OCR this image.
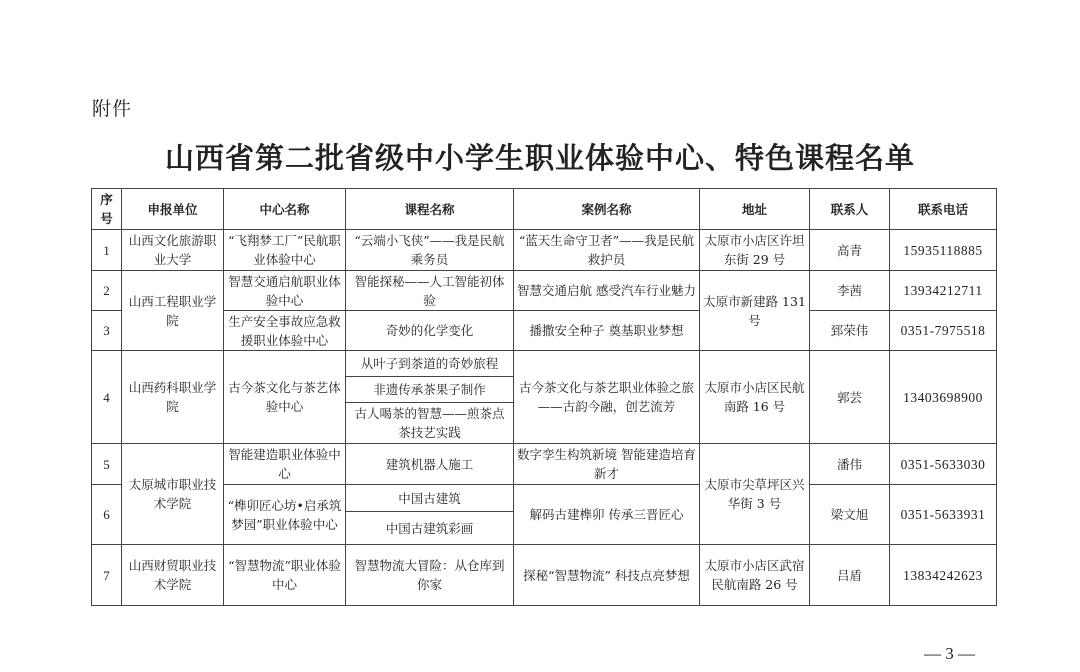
附件
山西省第二批省级中小学生职业体验中心、特色课程名单
序号	申报单位	中心名称	课程名称	案例名称	地址	联系人	联系电话
1	山西文化旅游职业大学	“飞翔梦工厂”民航职业体验中心	“云端小飞侠”——我是民航乘务员	“蓝天生命守卫者”——我是民航救护员	太原市小店区许坦东街 29 号	高青	15935118885
2	山西工程职业学院	智慧交通启航职业体验中心	智能探秘——人工智能初体验	智慧交通启航 感受汽车行业魅力	太原市新建路 131 号	李茜	13934212711
3		生产安全事故应急救援职业体验中心	奇妙的化学变化	播撒安全种子 奠基职业梦想		郅荣伟	0351-7975518
4	山西药科职业学院	古今茶文化与茶艺体验中心	从叶子到茶道的奇妙旅程	古今茶文化与茶艺职业体验之旅——古韵今融，创艺流芳	太原市小店区民航南路 16 号	郭芸	13403698900
			非遗传承茶果子制作				
			古人喝茶的智慧——煎茶点茶技艺实践				
5	太原城市职业技术学院	智能建造职业体验中心	建筑机器人施工	数字孪生构筑新境 智能建造培育新才	太原市尖草坪区兴华街 3 号	潘伟	0351-5633030
6		“榫卯匠心坊•启承筑梦园”职业体验中心	中国古建筑	解码古建榫卯 传承三晋匠心		梁文旭	0351-5633931
			中国古建筑彩画				
7	山西财贸职业技术学院	“智慧物流”职业体验中心	智慧物流大冒险：从仓库到你家	探秘“智慧物流” 科技点亮梦想	太原市小店区武宿民航南路 26 号	吕盾	13834242623
— 3 —
